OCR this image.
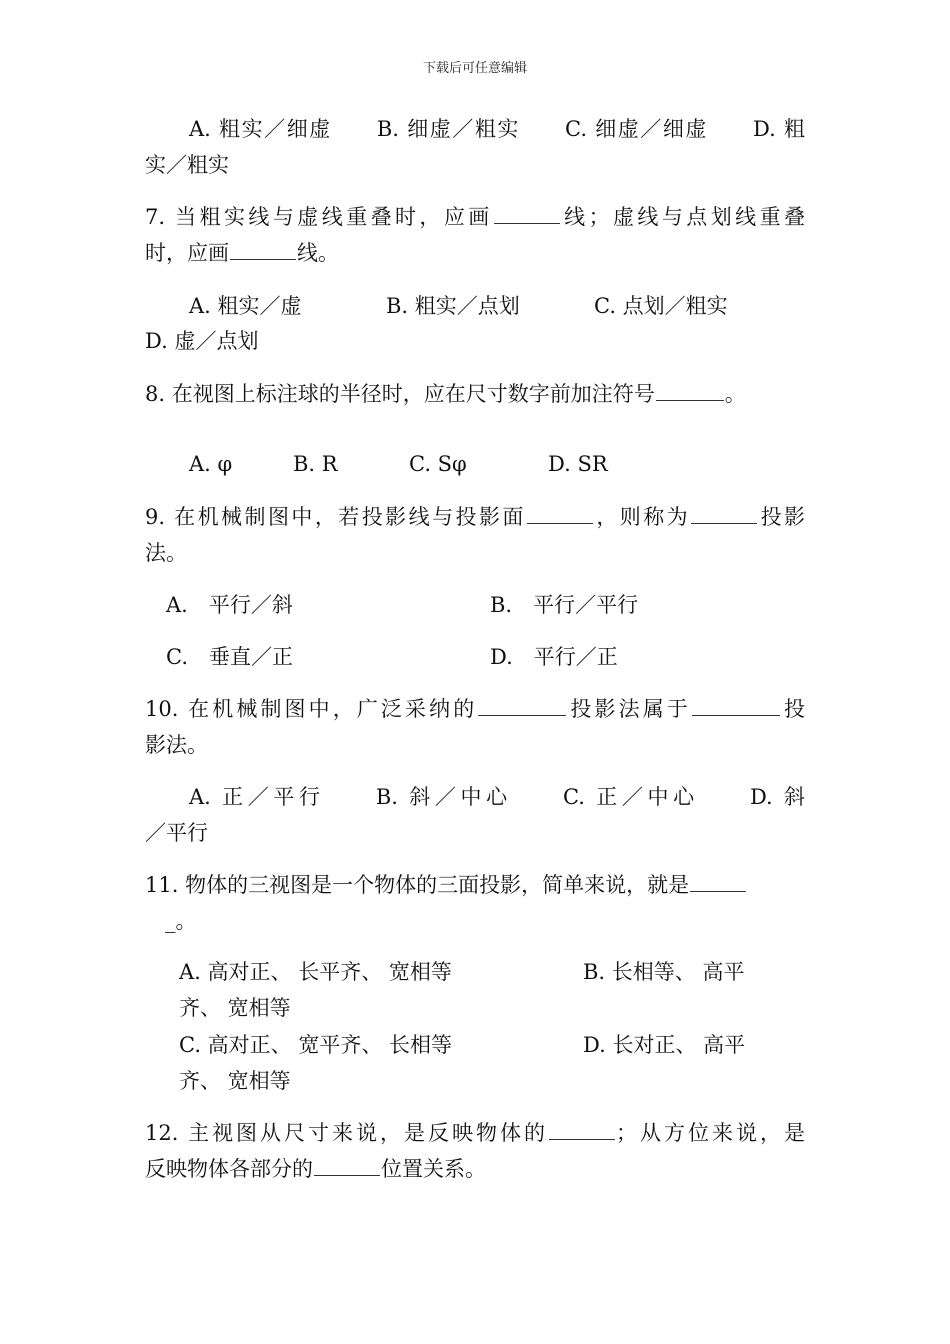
下载后可任意编辑
A. 粗实／细虚　　B. 细虚／粗实　　C. 细虚／细虚　　D. 粗
实／粗实
7. 当粗实线与虚线重叠时，应画	线；虚线与点划线重叠
时，应画	线。
A. 粗实／虚	B. 粗实／点划	C. 点划／粗实
D. 虚／点划
8. 在视图上标注球的半径时，应在尺寸数字前加注符号	。
A. φ	B. R	C. Sφ	D. SR
9. 在机械制图中，若投影线与投影面	，则称为	投影
法。
A.　平行／斜	B.　平行／平行
C.　垂直／正	D.　平行／正
10. 在机械制图中，广泛采纳的	投影法属于	投
影法。
A. 正／平行　　B. 斜／中心　　C. 正／中心　　D. 斜
／平行
11. 物体的三视图是一个物体的三面投影，简单来说，就是
_。
A. 高对正、 长平齐、 宽相等	B. 长相等、 高平
齐、 宽相等
C. 高对正、 宽平齐、 长相等	D. 长对正、 高平
齐、 宽相等
12. 主视图从尺寸来说，是反映物体的	；从方位来说，是
反映物体各部分的	位置关系。
